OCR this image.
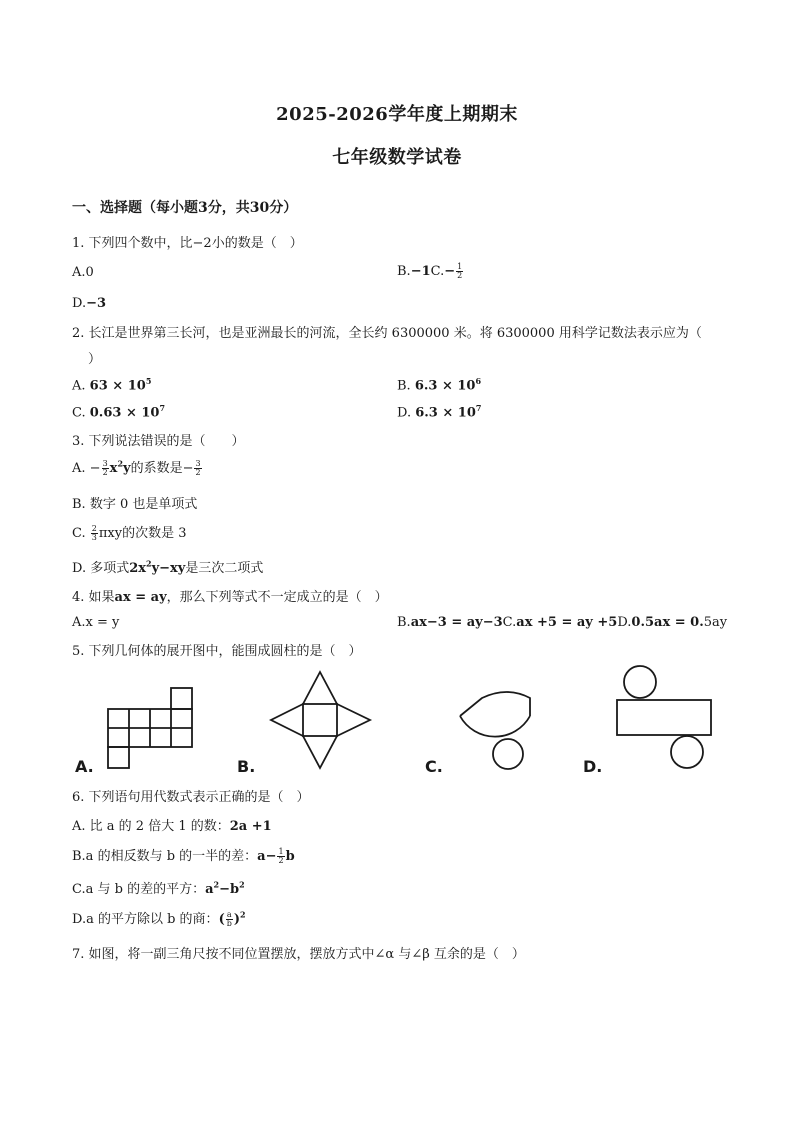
2025-2026学年度上期期末
七年级数学试卷
一、选择题（每小题3分，共30分）
1. 下列四个数中，比−2小的数是（　）
A.0	$B.-1C.- \frac{1}{2}$
D.−3
2. 长江是世界第三长河，也是亚洲最长的河流，全长约 6300000 米。将 6300000 用科学记数法表示应为（
）
A. $63 \times 10^5$	B. $6.3 \times 10^6$
C. $0.63 \times 10^7$	D. $6.3 \times 10^7$
3. 下列说法错误的是（　　）
A. − $\frac{3}{2} x^2y$的系数是− $\frac{3}{2}$
B. 数字 0 也是单项式
C. $\frac{2}{3}$ πxy的次数是 3
D. 多项式$2x^2y-xy$是三次二项式
4. 如果ax = ay，那么下列等式不一定成立的是（　）
A.x = y	B.ax−3 = ay−3C.ax +5 = ay +5D.0.5ax = 0.5ay
5. 下列几何体的展开图中，能围成圆柱的是（　）
A.	B.	C.	D.
6. 下列语句用代数式表示正确的是（　）
A. 比 a 的 2 倍大 1 的数：2a +1
B.a 的相反数与 b 的一半的差：$a- \frac{1}{2}$ b
C.a 与 b 的差的平方：$a^2-b^2$
D.a 的平方除以 b 的商：( $\frac{a}{b} )^2$
7. 如图，将一副三角尺按不同位置摆放，摆放方式中∠α 与∠β 互余的是（　）
